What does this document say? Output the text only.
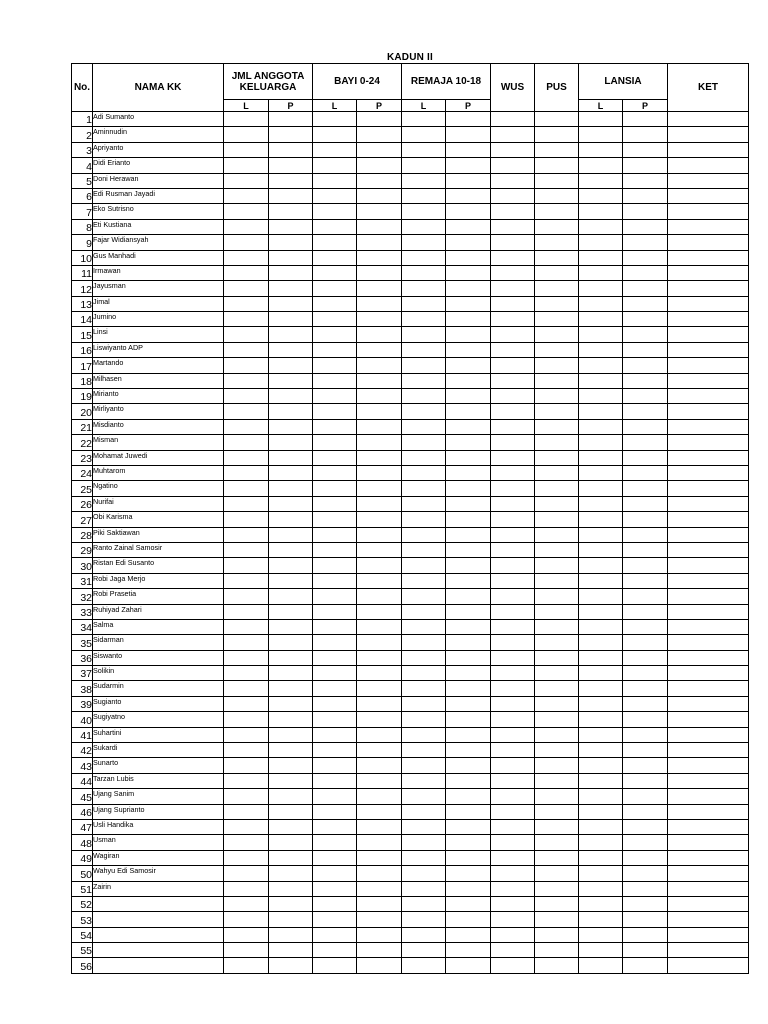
KADUN II
No.	NAMA KK	JML ANGGOTA KELUARGA		BAYI 0-24		REMAJA 10-18		WUS	PUS	LANSIA		KET
		L	P	L	P	L	P			L	P	
1	Adi Sumanto											
2	Aminnudin											
3	Apriyanto											
4	Didi Erianto											
5	Doni Herawan											
6	Edi Rusman Jayadi											
7	Eko Sutrisno											
8	Eti Kustiana											
9	Fajar Widiansyah											
10	Gus Manhadi											
11	Irmawan											
12	Jayusman											
13	Jimal											
14	Jumino											
15	Linsi											
16	Liswiyanto ADP											
17	Martando											
18	Milhasen											
19	Mirianto											
20	Mirliyanto											
21	Misdianto											
22	Misman											
23	Mohamat Juwedi											
24	Muhtarom											
25	Ngatino											
26	Nurifai											
27	Obi Karisma											
28	Piki Saktiawan											
29	Ranto Zainal Samosir											
30	Ristan Edi Susanto											
31	Robi Jaga Merjo											
32	Robi Prasetia											
33	Ruhiyad Zahari											
34	Salma											
35	Sidarman											
36	Siswanto											
37	Solikin											
38	Sudarmin											
39	Sugianto											
40	Sugiyatno											
41	Suhartini											
42	Sukardi											
43	Sunarto											
44	Tarzan Lubis											
45	Ujang Sanim											
46	Ujang Suprianto											
47	Usli Handika											
48	Usman											
49	Wagiran											
50	Wahyu Edi Samosir											
51	Zairin											
52												
53												
54												
55												
56												
